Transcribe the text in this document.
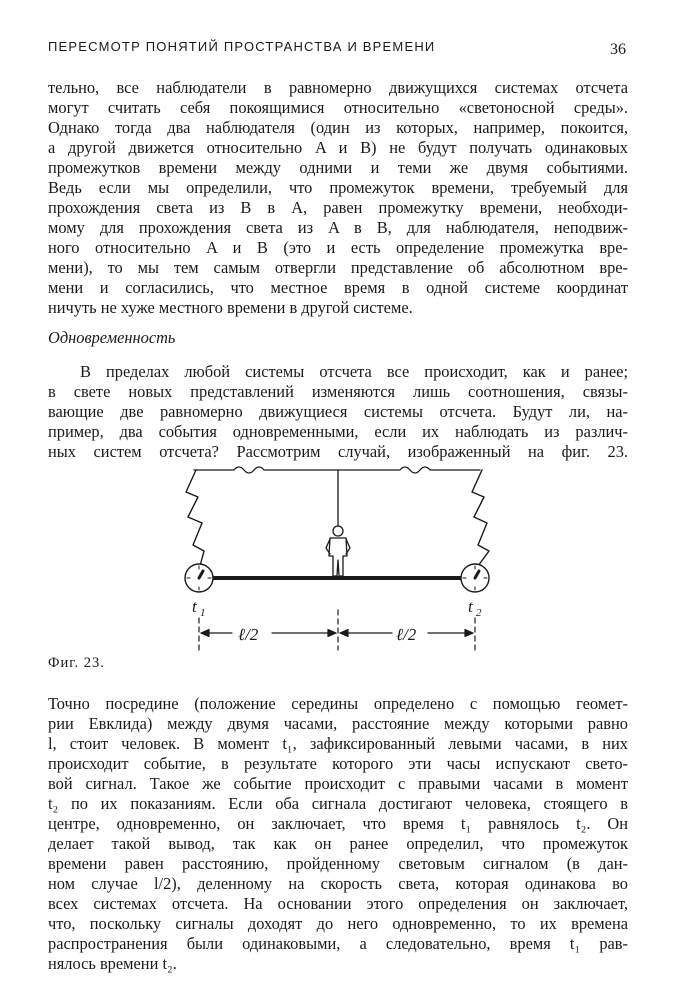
ПЕРЕСМОТР ПОНЯТИЙ ПРОСТРАНСТВА И ВРЕМЕНИ	36
тельно, все наблюдатели в равномерно движущихся системах отсчета
могут считать себя покоящимися относительно «светоносной среды».
Однако тогда два наблюдателя (один из которых, например, покоится,
а другой движется относительно A и B) не будут получать одинаковых
промежутков времени между одними и теми же двумя событиями.
Ведь если мы определили, что промежуток времени, требуемый для
прохождения света из B в A, равен промежутку времени, необходи-
мому для прохождения света из A в B, для наблюдателя, неподвиж-
ного относительно A и B (это и есть определение промежутка вре-
мени), то мы тем самым отвергли представление об абсолютном вре-
мени и согласились, что местное время в одной системе координат
ничуть не хуже местного времени в другой системе.
Одновременность
В пределах любой системы отсчета все происходит, как и ранее;
в свете новых представлений изменяются лишь соотношения, связы-
вающие две равномерно движущиеся системы отсчета. Будут ли, на-
пример, два события одновременными, если их наблюдать из различ-
ных систем отсчета? Рассмотрим случай, изображенный на фиг. 23.
t 1	t 2
ℓ/2	ℓ/2
Фиг. 23.
Точно посредине (положение середины определено с помощью геомет-
рии Евклида) между двумя часами, расстояние между которыми равно
l, стоит человек. В момент t₁, зафиксированный левыми часами, в них
происходит событие, в результате которого эти часы испускают свето-
вой сигнал. Такое же событие происходит с правыми часами в момент
t₂ по их показаниям. Если оба сигнала достигают человека, стоящего в
центре, одновременно, он заключает, что время t₁ равнялось t₂. Он
делает такой вывод, так как он ранее определил, что промежуток
времени равен расстоянию, пройденному световым сигналом (в дан-
ном случае l/2), деленному на скорость света, которая одинакова во
всех системах отсчета. На основании этого определения он заключает,
что, поскольку сигналы доходят до него одновременно, то их времена
распространения были одинаковыми, а следовательно, время t₁ рав-
нялось времени t₂.
